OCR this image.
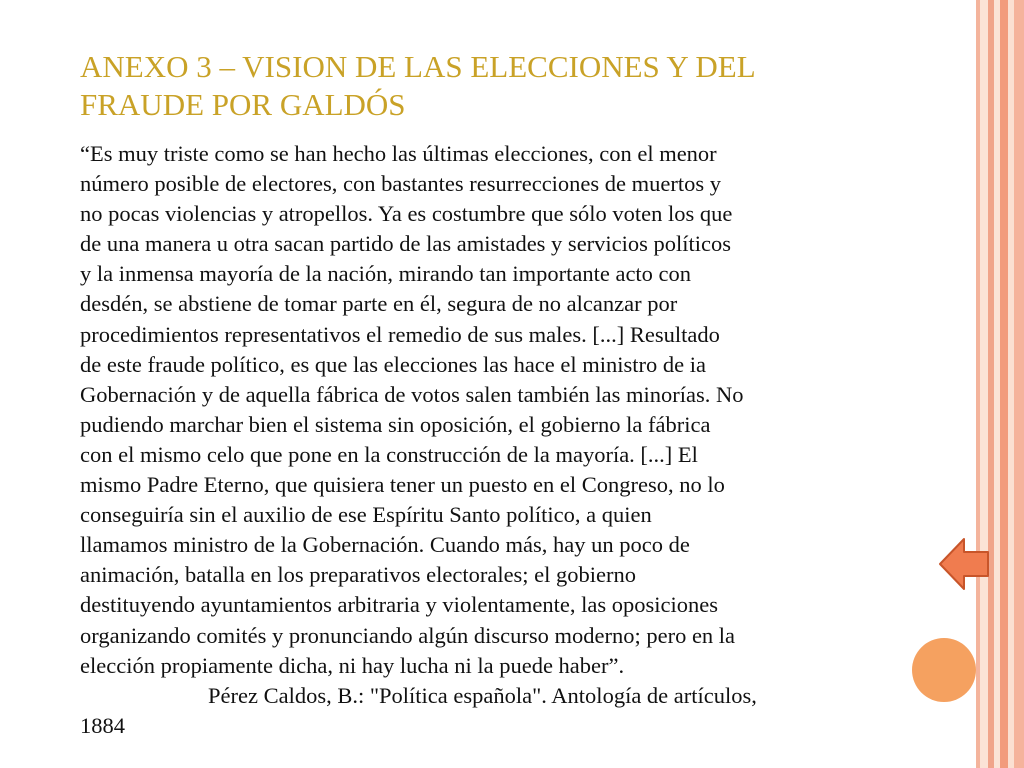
ANEXO 3 – VISION DE LAS ELECCIONES Y DEL
FRAUDE POR GALDÓS
“Es muy triste como se han hecho las últimas elecciones, con el menor
número posible de electores, con bastantes resurrecciones de muertos y
no pocas violencias y atropellos. Ya es costumbre que sólo voten los que
de una manera u otra sacan partido de las amistades y servicios políticos
y la inmensa mayoría de la nación, mirando tan importante acto con
desdén, se abstiene de tomar parte en él, segura de no alcanzar por
procedimientos representativos el remedio de sus males. [...] Resultado
de este fraude político, es que las elecciones las hace el ministro de ia
Gobernación y de aquella fábrica de votos salen también las minorías. No
pudiendo marchar bien el sistema sin oposición, el gobierno la fábrica
con el mismo celo que pone en la construcción de la mayoría. [...] El
mismo Padre Eterno, que quisiera tener un puesto en el Congreso, no lo
conseguiría sin el auxilio de ese Espíritu Santo político, a quien
llamamos ministro de la Gobernación. Cuando más, hay un poco de
animación, batalla en los preparativos electorales; el gobierno
destituyendo ayuntamientos arbitraria y violentamente, las oposiciones
organizando comités y pronunciando algún discurso moderno; pero en la
elección propiamente dicha, ni hay lucha ni la puede haber”.
Pérez Caldos, B.: "Política española". Antología de artículos,
1884
